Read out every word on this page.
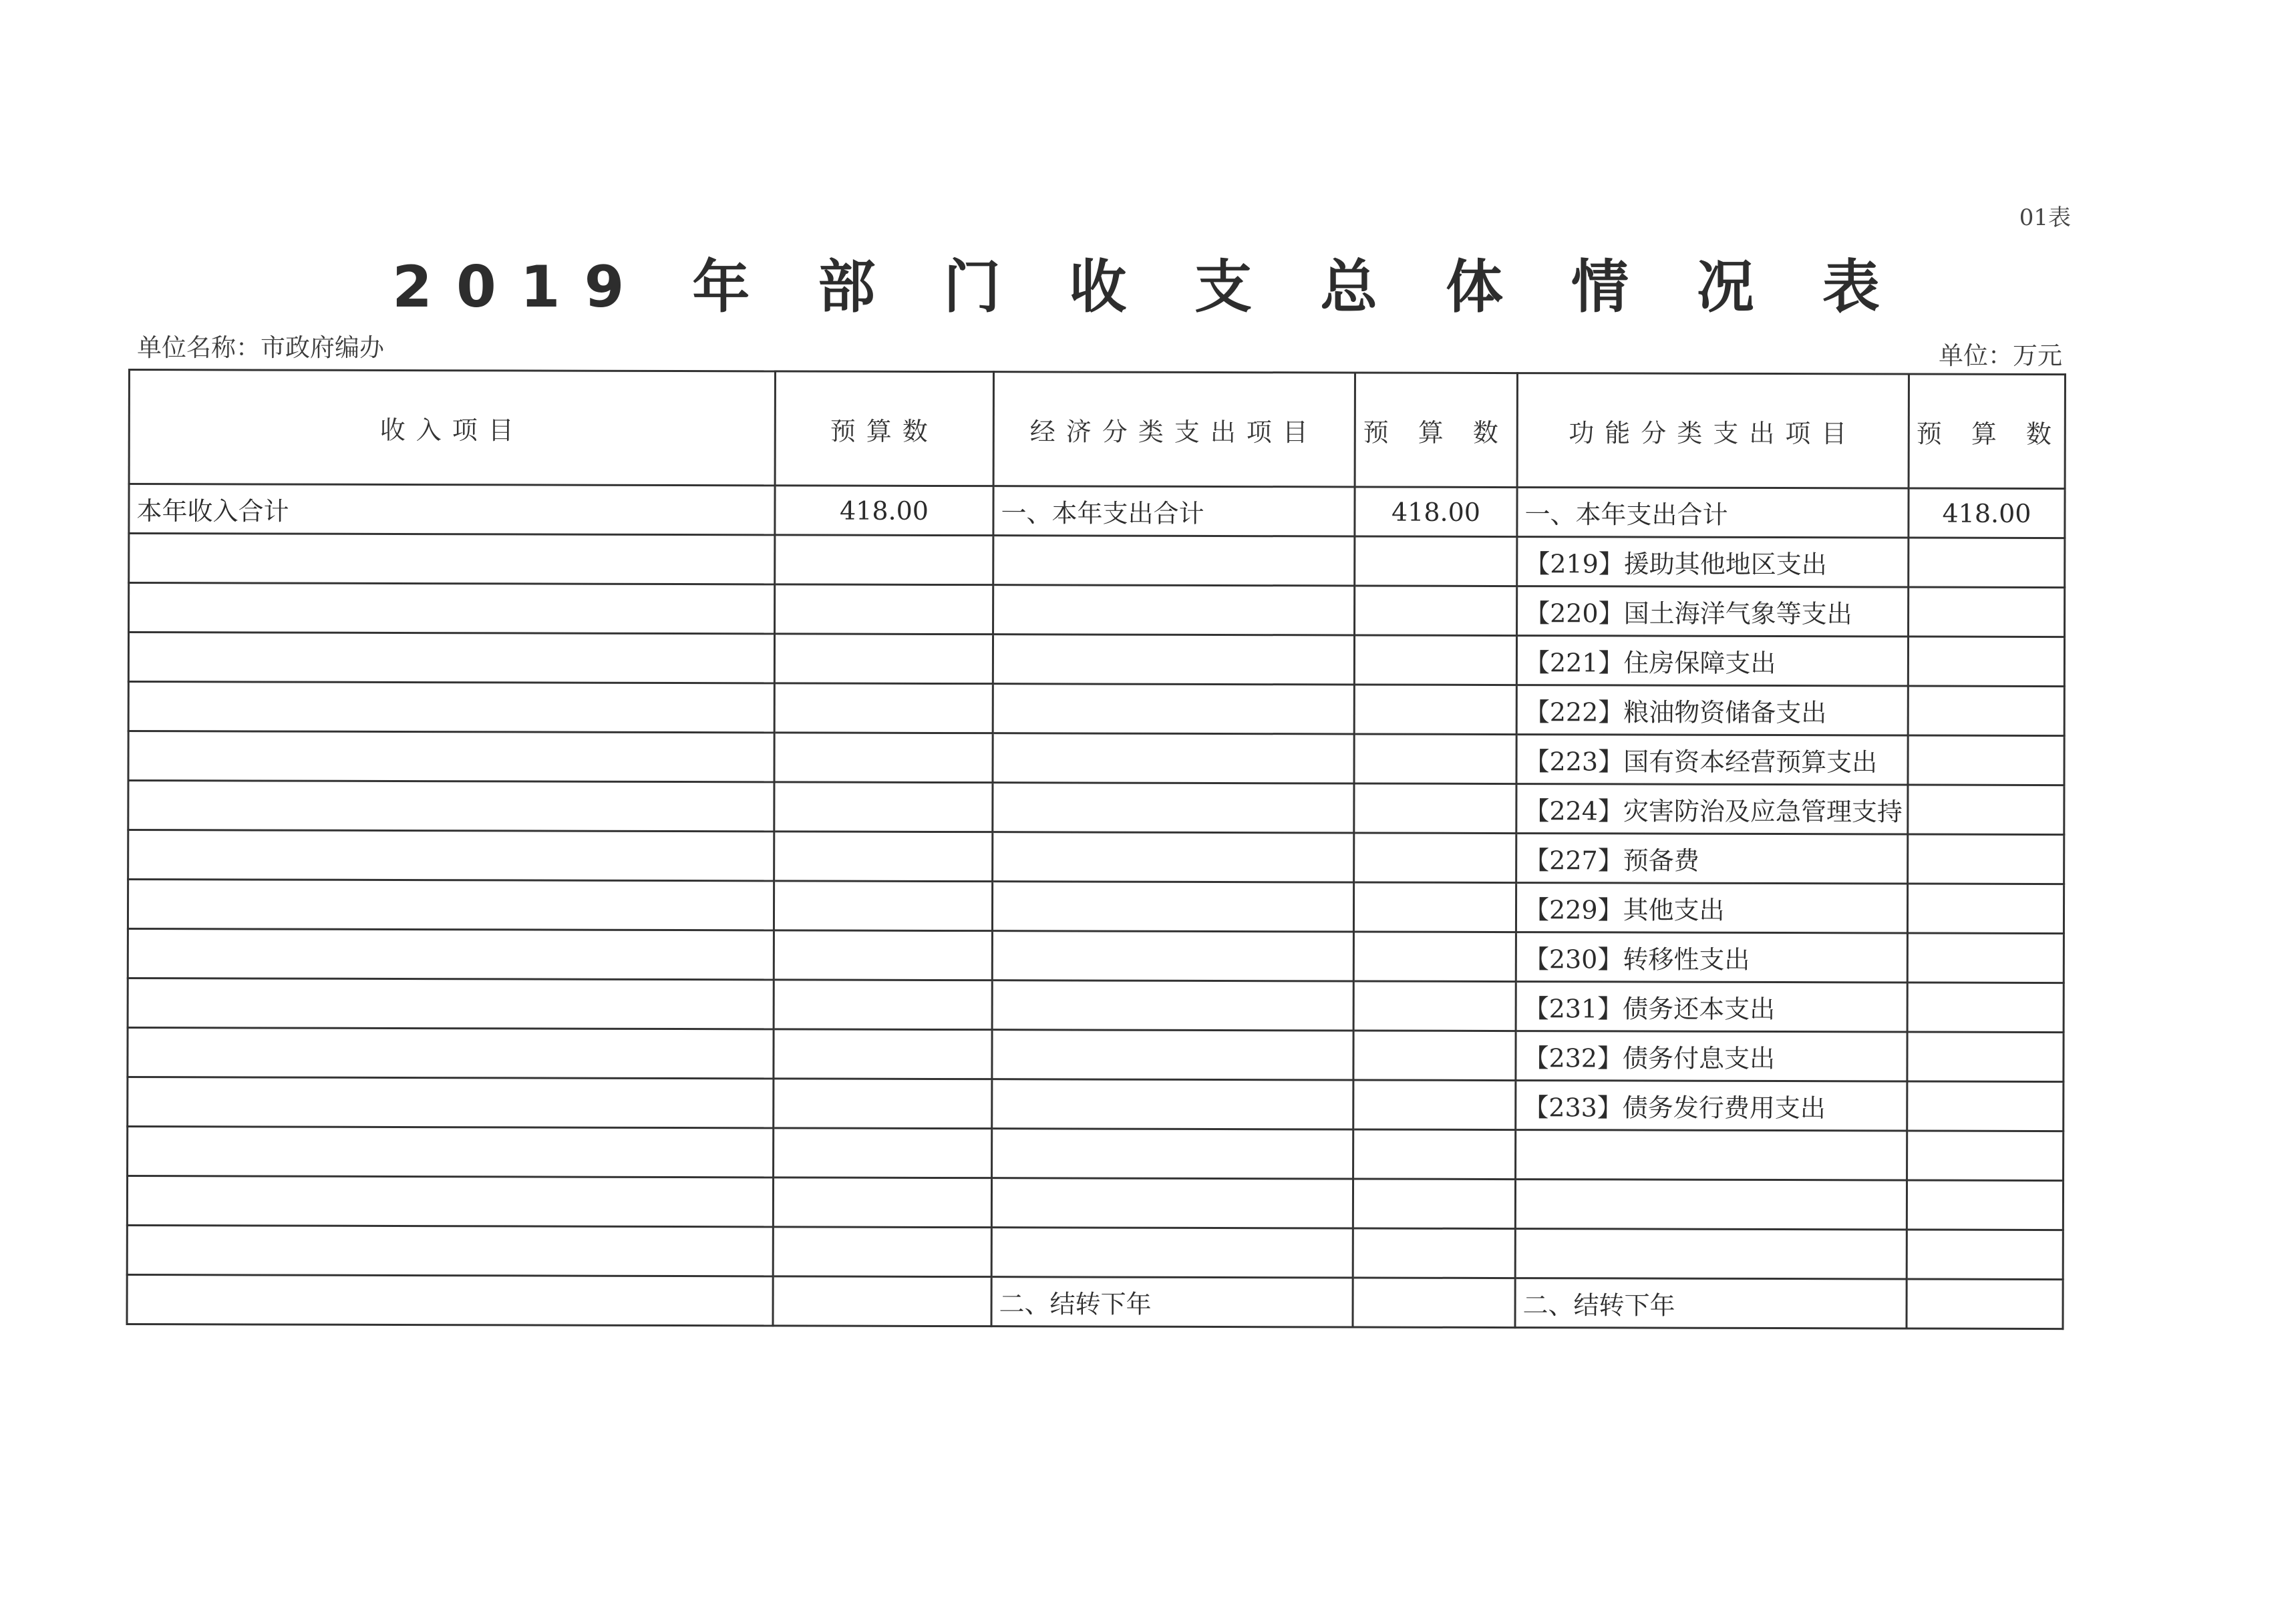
01表
2019 年 部 门 收 支 总 体 情 况 表
单位名称：市政府编办	单位：万元
收入项目	预算数	经济分类支出项目	预 算 数	功能分类支出项目	预 算 数
本年收入合计	418.00	一、本年支出合计	418.00	一、本年支出合计	418.00
				【219】援助其他地区支出	
				【220】国土海洋气象等支出	
				【221】住房保障支出	
				【222】粮油物资储备支出	
				【223】国有资本经营预算支出	
				【224】灾害防治及应急管理支持	
				【227】预备费	
				【229】其他支出	
				【230】转移性支出	
				【231】债务还本支出	
				【232】债务付息支出	
				【233】债务发行费用支出	

		二、结转下年		二、结转下年	
